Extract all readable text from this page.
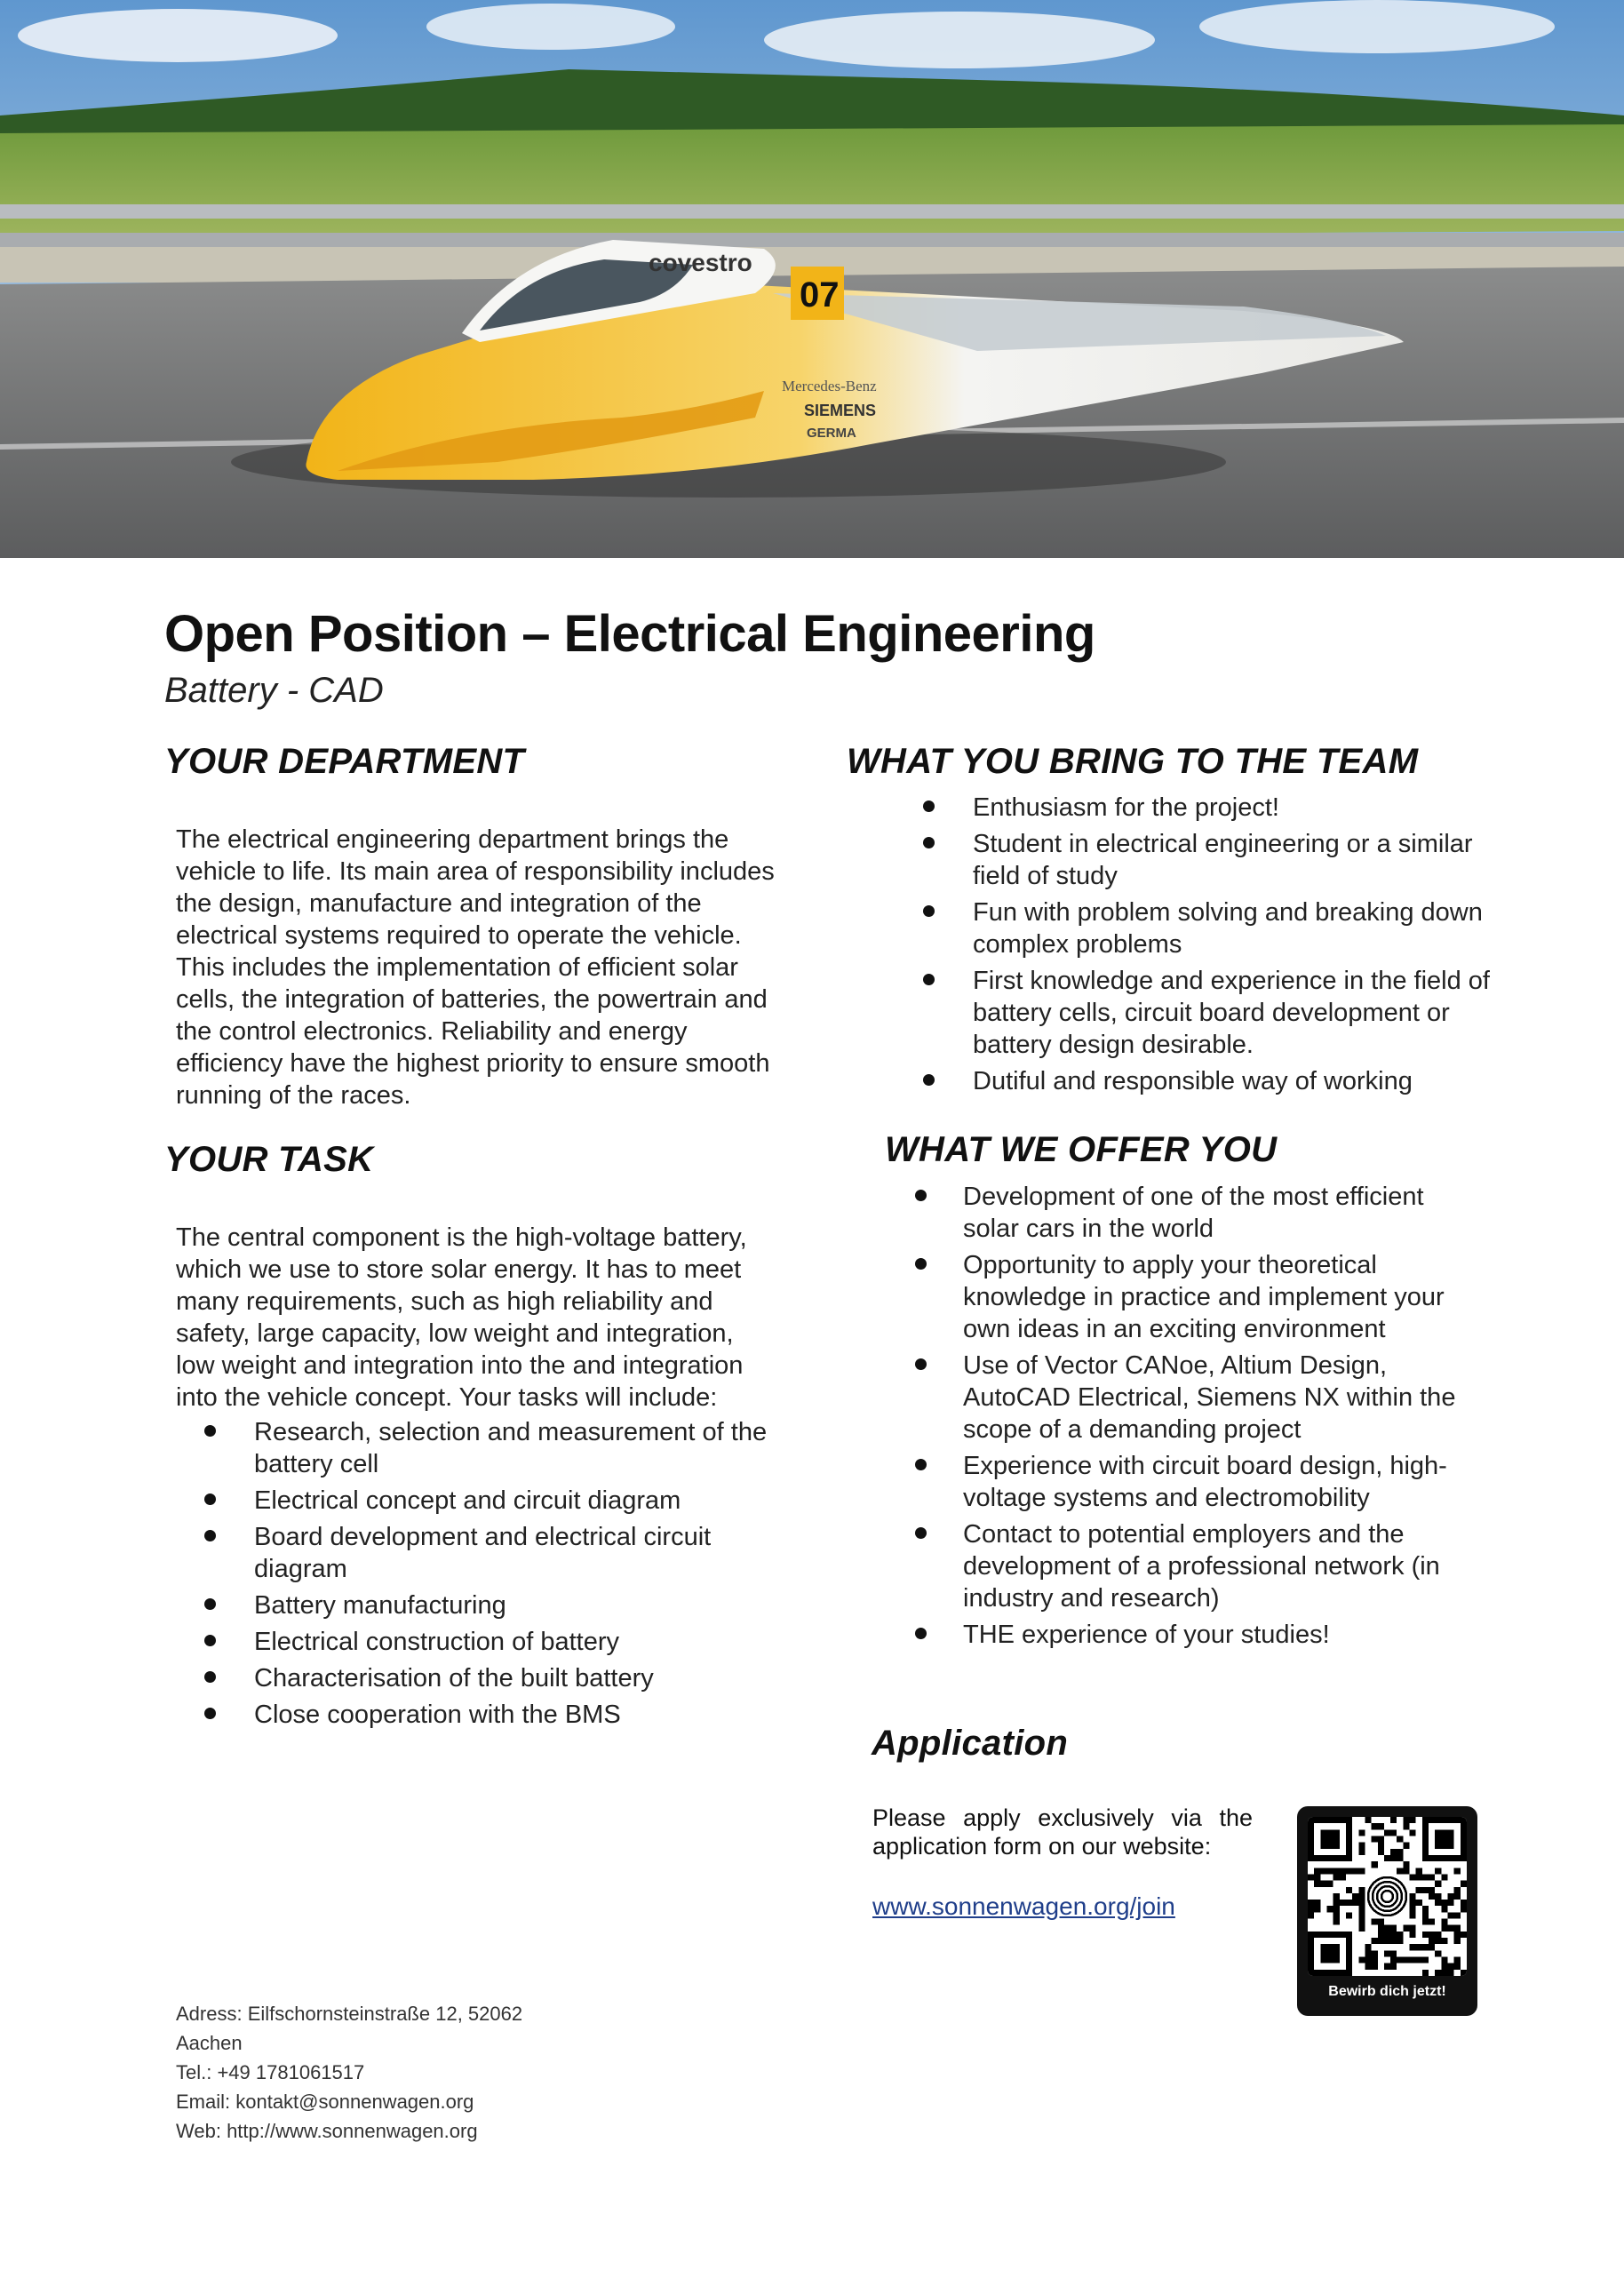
07
covestro
Mercedes-Benz
SIEMENS
GERMA
Open Position – Electrical Engineering

Battery - CAD

YOUR DEPARTMENT
The electrical engineering department brings the
vehicle to life. Its main area of responsibility includes
the design, manufacture and integration of the
electrical systems required to operate the vehicle.
This includes the implementation of efficient solar
cells, the integration of batteries, the powertrain and
the control electronics. Reliability and energy
efficiency have the highest priority to ensure smooth
running of the races.
YOUR TASK
The central component is the high-voltage battery,
which we use to store solar energy. It has to meet
many requirements, such as high reliability and
safety, large capacity, low weight and integration,
low weight and integration into the and integration
into the vehicle concept. Your tasks will include:
Research, selection and measurement of the
battery cell
Electrical concept and circuit diagram
Board development and electrical circuit
diagram
Battery manufacturing
Electrical construction of battery
Characterisation of the built battery
Close cooperation with the BMS
WHAT YOU BRING TO THE TEAM
Enthusiasm for the project!
Student in electrical engineering or a similar
field of study
Fun with problem solving and breaking down
complex problems
First knowledge and experience in the field of
battery cells, circuit board development or
battery design desirable.
Dutiful and responsible way of working
WHAT WE OFFER YOU
Development of one of the most efficient
solar cars in the world
Opportunity to apply your theoretical
knowledge in practice and implement your
own ideas in an exciting environment
Use of Vector CANoe, Altium Design,
AutoCAD Electrical, Siemens NX within the
scope of a demanding project
Experience with circuit board design, high-
voltage systems and electromobility
Contact to potential employers and the
development of a professional network (in
industry and research)
THE experience of your studies!
Application

Please apply exclusively via the application form on our website:

www.sonnenwagen.org/join
Bewirb dich jetzt!
Adress: Eilfschornsteinstraße 12, 52062
Aachen
Tel.: +49 1781061517
Email: kontakt@sonnenwagen.org
Web: http://www.sonnenwagen.org
